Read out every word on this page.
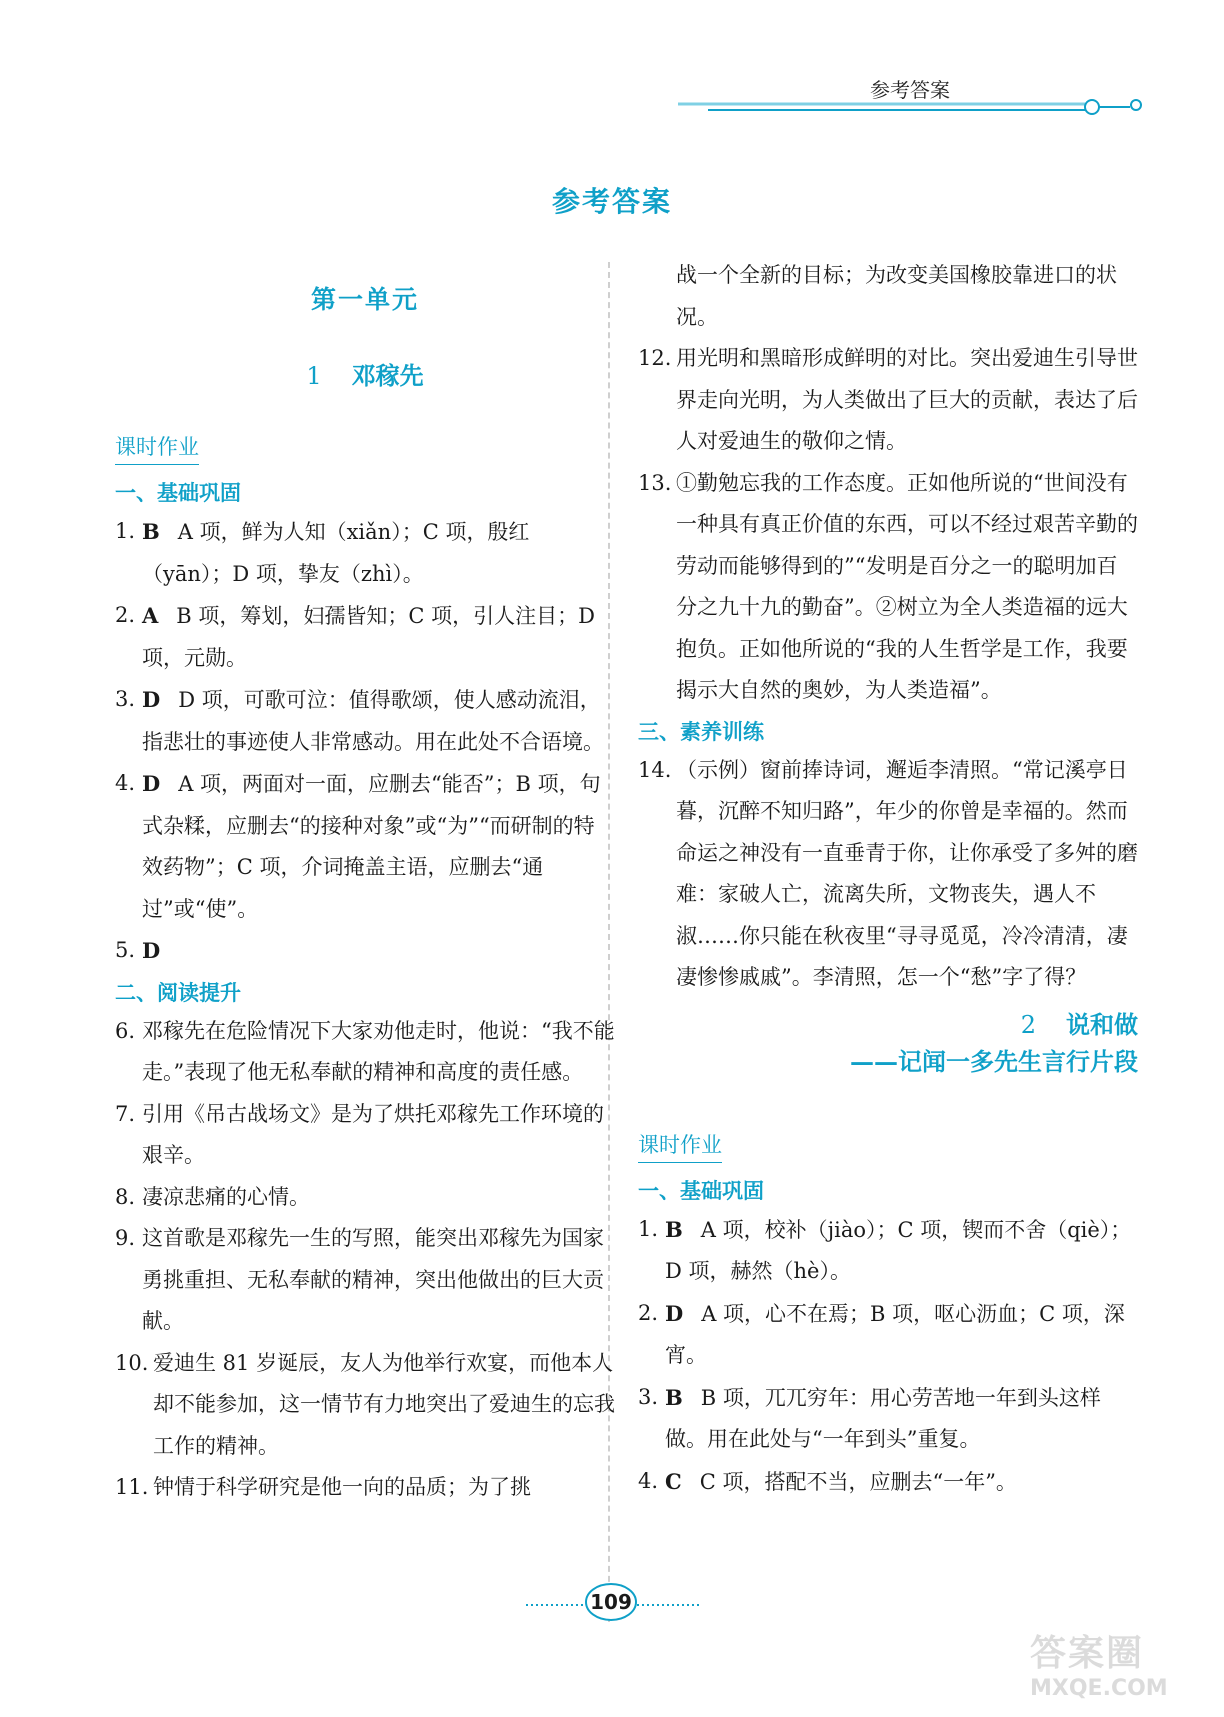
参考答案
参考答案
第一单元
1 邓稼先
课时作业
一、基础巩固
1. B A 项，鲜为人知（xiǎn）；C 项，殷红（yān）；D 项，挚友（zhì）。
2. A B 项，筹划，妇孺皆知；C 项，引人注目；D 项，元勋。
3. D D 项，可歌可泣：值得歌颂，使人感动流泪，指悲壮的事迹使人非常感动。用在此处不合语境。
4. D A 项，两面对一面，应删去“能否”；B 项，句式杂糅，应删去“的接种对象”或“为”“而研制的特效药物”；C 项，介词掩盖主语，应删去“通过”或“使”。
5. D
二、阅读提升
6. 邓稼先在危险情况下大家劝他走时，他说：“我不能走。”表现了他无私奉献的精神和高度的责任感。
7. 引用《吊古战场文》是为了烘托邓稼先工作环境的艰辛。
8. 凄凉悲痛的心情。
9. 这首歌是邓稼先一生的写照，能突出邓稼先为国家勇挑重担、无私奉献的精神，突出他做出的巨大贡献。
10. 爱迪生 81 岁诞辰，友人为他举行欢宴，而他本人却不能参加，这一情节有力地突出了爱迪生的忘我工作的精神。
11. 钟情于科学研究是他一向的品质；为了挑
战一个全新的目标；为改变美国橡胶靠进口的状况。
12. 用光明和黑暗形成鲜明的对比。突出爱迪生引导世界走向光明，为人类做出了巨大的贡献，表达了后人对爱迪生的敬仰之情。
13. ①勤勉忘我的工作态度。正如他所说的“世间没有一种具有真正价值的东西，可以不经过艰苦辛勤的劳动而能够得到的”“发明是百分之一的聪明加百分之九十九的勤奋”。②树立为全人类造福的远大抱负。正如他所说的“我的人生哲学是工作，我要揭示大自然的奥妙，为人类造福”。
三、素养训练
14. （示例）窗前捧诗词，邂逅李清照。“常记溪亭日暮，沉醉不知归路”，年少的你曾是幸福的。然而命运之神没有一直垂青于你，让你承受了多舛的磨难：家破人亡，流离失所，文物丧失，遇人不淑……你只能在秋夜里“寻寻觅觅，冷冷清清，凄凄惨惨戚戚”。李清照，怎一个“愁”字了得？
2 说和做
——记闻一多先生言行片段
课时作业
一、基础巩固
1. B A 项，校补（jiào）；C 项，锲而不舍（qiè）；D 项，赫然（hè）。
2. D A 项，心不在焉；B 项，呕心沥血；C 项，深宵。
3. B B 项，兀兀穷年：用心劳苦地一年到头这样做。用在此处与“一年到头”重复。
4. C C 项，搭配不当，应删去“一年”。
109
答案圈
MXQE.COM
